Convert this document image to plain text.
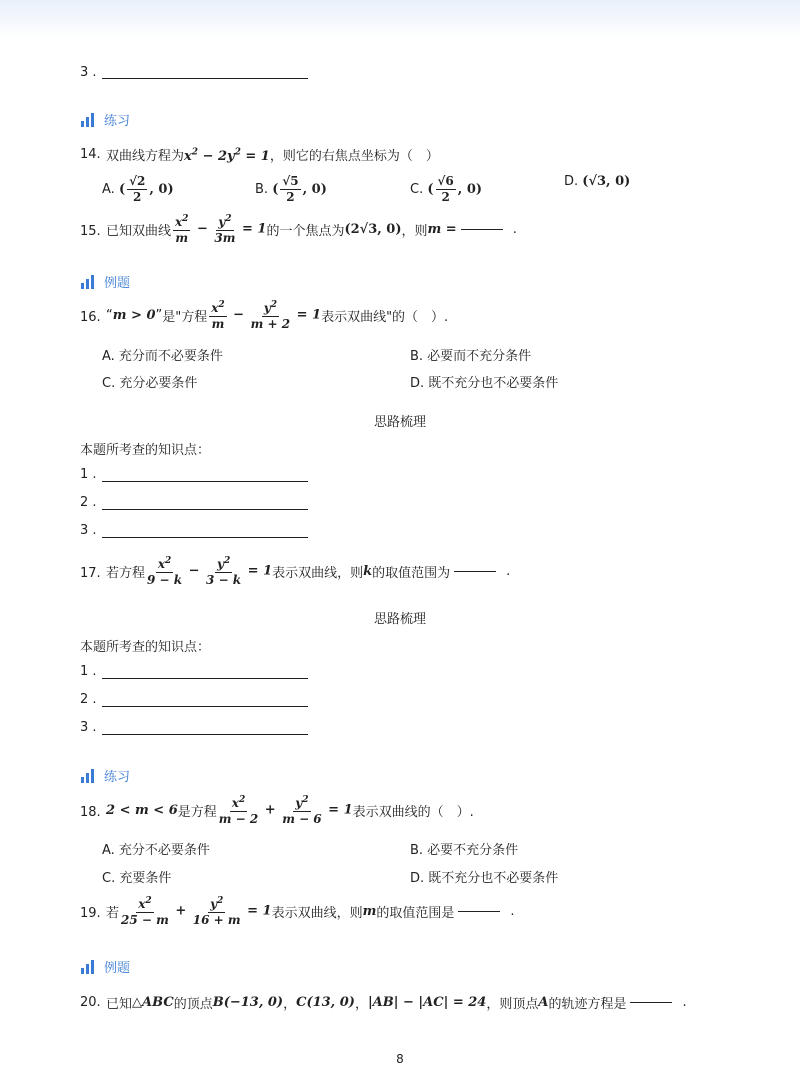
3 .
练习
14. 双曲线方程为$x^2 - 2y^2 = 1$，则它的右焦点坐标为（　）
A. ( $\frac{√2}{2}$ , 0)	B. ( $\frac{√5}{2}$ , 0)	C. ( $\frac{√6}{2}$ , 0)
D. (√3, 0)
15. 已知双曲线 $\frac{x^2}{m} - \frac{y^2}{3m} = 1$ 的一个焦点为 (2√3, 0) ，则 m =	.
例题
16. “ m > 0 ” 是"方程 $\frac{x^2}{m} - \frac{y^2}{m + 2} = 1$ 表示双曲线"的（　）.
A. 充分而不必要条件	B. 必要而不充分条件
C. 充分必要条件	D. 既不充分也不必要条件
思路梳理
本题所考查的知识点：
1 .
2 .
3 .
17. 若方程 $\frac{x^2}{9 - k} - \frac{y^2}{3 - k} = 1$ 表示双曲线，则 k 的取值范围为	.
思路梳理
本题所考查的知识点：
1 .
2 .
3 .
练习
18. 2 < m < 6 是方程 $\frac{x^2}{m - 2} + \frac{y^2}{m - 6} = 1$ 表示双曲线的（　）.
A. 充分不必要条件	B. 必要不充分条件
C. 充要条件	D. 既不充分也不必要条件
19. 若 $\frac{x^2}{25 - m} + \frac{y^2}{16 + m} = 1$ 表示双曲线，则 m 的取值范围是	.
例题
20. 已知 △ABC 的顶点 B(−13, 0) ， C(13, 0) ， |AB| − |AC| = 24 ，则顶点 A 的轨迹方程是	.
8
